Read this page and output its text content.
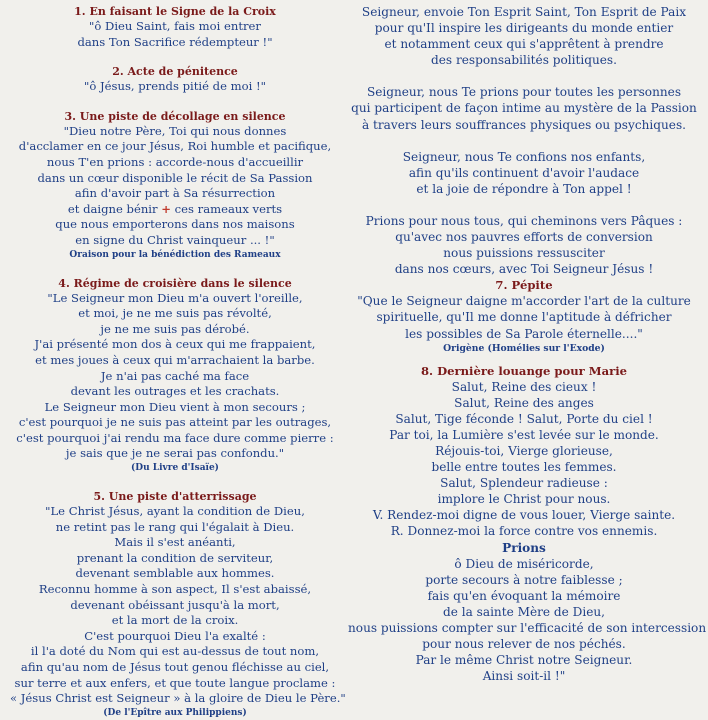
1. En faisant le Signe de la Croix
"ô Dieu Saint, fais moi entrer
dans Ton Sacrifice rédempteur !"
2. Acte de pénitence
"ô Jésus, prends pitié de moi !"
3. Une piste de décollage en silence
"Dieu notre Père, Toi qui nous donnes
d'acclamer en ce jour Jésus, Roi humble et pacifique,
nous T'en prions : accorde-nous d'accueillir
dans un cœur disponible le récit de Sa Passion
afin d'avoir part à Sa résurrection
et daigne bénir + ces rameaux verts
que nous emporterons dans nos maisons
en signe du Christ vainqueur ... !"
Oraison pour la bénédiction des Rameaux
4. Régime de croisière dans le silence
"Le Seigneur mon Dieu m'a ouvert l'oreille,
et moi, je ne me suis pas révolté,
je ne me suis pas dérobé.
J'ai présenté mon dos à ceux qui me frappaient,
et mes joues à ceux qui m'arrachaient la barbe.
Je n'ai pas caché ma face
devant les outrages et les crachats.
Le Seigneur mon Dieu vient à mon secours ;
c'est pourquoi je ne suis pas atteint par les outrages,
c'est pourquoi j'ai rendu ma face dure comme pierre :
je sais que je ne serai pas confondu."
(Du Livre d'Isaïe)
5. Une piste d'atterrissage
"Le Christ Jésus, ayant la condition de Dieu,
ne retint pas le rang qui l'égalait à Dieu.
Mais il s'est anéanti,
prenant la condition de serviteur,
devenant semblable aux hommes.
Reconnu homme à son aspect, Il s'est abaissé,
devenant obéissant jusqu'à la mort,
et la mort de la croix.
C'est pourquoi Dieu l'a exalté :
il l'a doté du Nom qui est au-dessus de tout nom,
afin qu'au nom de Jésus tout genou fléchisse au ciel,
sur terre et aux enfers, et que toute langue proclame :
« Jésus Christ est Seigneur » à la gloire de Dieu le Père."
(De l'Epître aux Philippiens)
Seigneur, envoie Ton Esprit Saint, Ton Esprit de Paix
pour qu'Il inspire les dirigeants du monde entier
et notamment ceux qui s'apprêtent à prendre
des responsabilités politiques.
Seigneur, nous Te prions pour toutes les personnes
qui participent de façon intime au mystère de la Passion
à travers leurs souffrances physiques ou psychiques.
Seigneur, nous Te confions nos enfants,
afin qu'ils continuent d'avoir l'audace
et la joie de répondre à Ton appel !
Prions pour nous tous, qui cheminons vers Pâques :
qu'avec nos pauvres efforts de conversion
nous puissions ressusciter
dans nos cœurs, avec Toi Seigneur Jésus !
7. Pépite
"Que le Seigneur daigne m'accorder l'art de la culture
spirituelle, qu'Il me donne l'aptitude à défricher
les possibles de Sa Parole éternelle...."
Origène (Homélies sur l'Exode)
8. Dernière louange pour Marie
Salut, Reine des cieux !
Salut, Reine des anges
Salut, Tige féconde ! Salut, Porte du ciel !
Par toi, la Lumière s'est levée sur le monde.
Réjouis-toi, Vierge glorieuse,
belle entre toutes les femmes.
Salut, Splendeur radieuse :
implore le Christ pour nous.
V. Rendez-moi digne de vous louer, Vierge sainte.
R. Donnez-moi la force contre vos ennemis.
Prions
ô Dieu de miséricorde,
porte secours à notre faiblesse ;
fais qu'en évoquant la mémoire
de la sainte Mère de Dieu,
nous puissions compter sur l'efficacité de son intercession
pour nous relever de nos péchés.
Par le même Christ notre Seigneur.
Ainsi soit-il !"
